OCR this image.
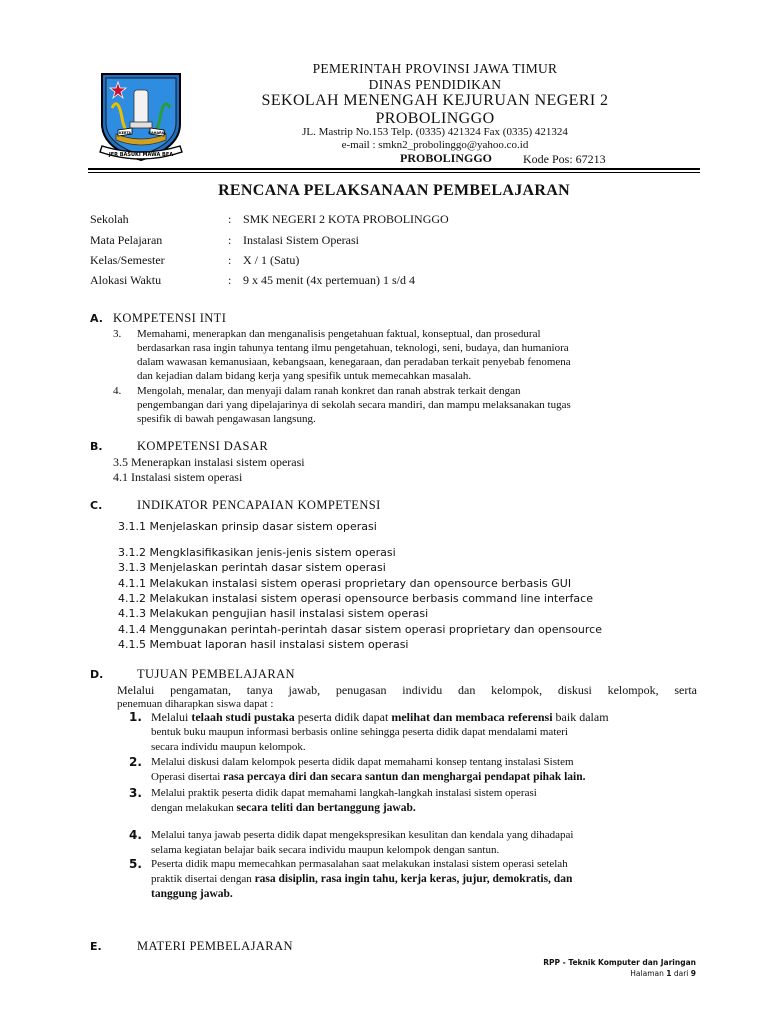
KERTA	RAHARJA
JER BASUKI MAWA BEA
PEMERINTAH PROVINSI JAWA TIMUR
DINAS PENDIDIKAN
SEKOLAH MENENGAH KEJURUAN NEGERI 2
PROBOLINGGO
JL. Mastrip No.153 Telp. (0335) 421324 Fax (0335) 421324
e-mail : smkn2_probolinggo@yahoo.co.id
PROBOLINGGO	Kode Pos: 67213
RENCANA PELAKSANAAN PEMBELAJARAN
Sekolah	: SMK NEGERI 2 KOTA PROBOLINGGO
Mata Pelajaran	: Instalasi Sistem Operasi
Kelas/Semester	: X / 1 (Satu)
Alokasi Waktu	: 9 x 45 menit (4x pertemuan) 1 s/d 4
A. KOMPETENSI INTI
3. Memahami, menerapkan dan menganalisis pengetahuan faktual, konseptual, dan prosedural
berdasarkan rasa ingin tahunya tentang ilmu pengetahuan, teknologi, seni, budaya, dan humaniora
dalam wawasan kemanusiaan, kebangsaan, kenegaraan, dan peradaban terkait penyebab fenomena
dan kejadian dalam bidang kerja yang spesifik untuk memecahkan masalah.
4. Mengolah, menalar, dan menyaji dalam ranah konkret dan ranah abstrak terkait dengan
pengembangan dari yang dipelajarinya di sekolah secara mandiri, dan mampu melaksanakan tugas
spesifik di bawah pengawasan langsung.
B.	KOMPETENSI DASAR
3.5 Menerapkan instalasi sistem operasi
4.1 Instalasi sistem operasi
C.	INDIKATOR PENCAPAIAN KOMPETENSI
3.1.1 Menjelaskan prinsip dasar sistem operasi
3.1.2 Mengklasifikasikan jenis-jenis sistem operasi
3.1.3 Menjelaskan perintah dasar sistem operasi
4.1.1 Melakukan instalasi sistem operasi proprietary dan opensource berbasis GUI
4.1.2 Melakukan instalasi sistem operasi opensource berbasis command line interface
4.1.3 Melakukan pengujian hasil instalasi sistem operasi
4.1.4 Menggunakan perintah-perintah dasar sistem operasi proprietary dan opensource
4.1.5 Membuat laporan hasil instalasi sistem operasi
D.	TUJUAN PEMBELAJARAN
Melalui pengamatan, tanya jawab, penugasan individu dan kelompok, diskusi kelompok, serta
penemuan diharapkan siswa dapat :
1. Melalui telaah studi pustaka peserta didik dapat melihat dan membaca referensi baik dalam
bentuk buku maupun informasi berbasis online sehingga peserta didik dapat mendalami materi
secara individu maupun kelompok.
2. Melalui diskusi dalam kelompok peserta didik dapat memahami konsep tentang instalasi Sistem
Operasi disertai rasa percaya diri dan secara santun dan menghargai pendapat pihak lain.
3. Melalui praktik peserta didik dapat memahami langkah-langkah instalasi sistem operasi
dengan melakukan secara teliti dan bertanggung jawab.
4. Melalui tanya jawab peserta didik dapat mengekspresikan kesulitan dan kendala yang dihadapai
selama kegiatan belajar baik secara individu maupun kelompok dengan santun.
5. Peserta didik mapu memecahkan permasalahan saat melakukan instalasi sistem operasi setelah
praktik disertai dengan rasa disiplin, rasa ingin tahu, kerja keras, jujur, demokratis, dan
tanggung jawab.
E.	MATERI PEMBELAJARAN
RPP - Teknik Komputer dan Jaringan
Halaman 1 dari 9
